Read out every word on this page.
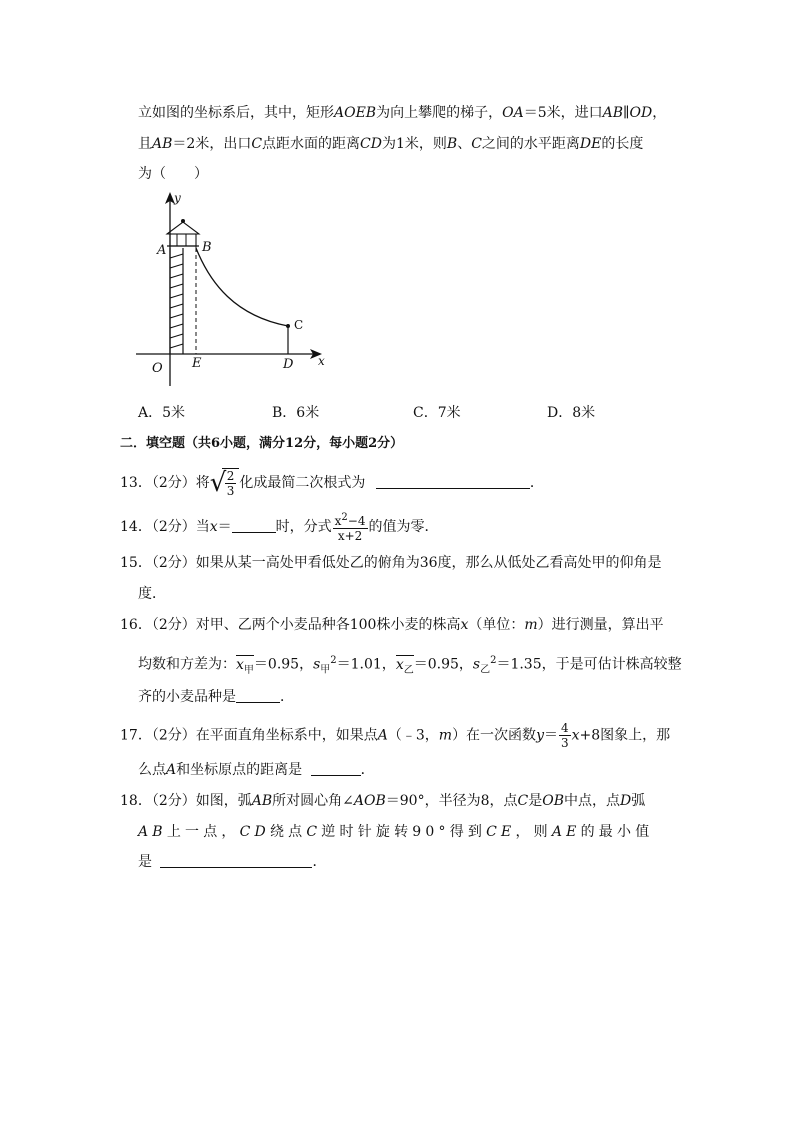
立如图的坐标系后，其中，矩形AOEB为向上攀爬的梯子，OA＝5米，进口AB∥OD，
且AB＝2米，出口C点距水面的距离CD为1米，则B、C之间的水平距离DE的长度
为（　　）
y
A	B
C
O E	D x
A．5米	B．6米	C．7米	D．8米
二．填空题（共6小题，满分12分，每小题2分）
13．（2分）将 √
$\frac{2}{3}$ 化成最简二次根式为	．
14．（2分）当x＝	时，分式 $\frac{x^2-4}{x+2}$ 的值为零．
15．（2分）如果从某一高处甲看低处乙的俯角为36度，那么从低处乙看高处甲的仰角是
度．
16．（2分）对甲、乙两个小麦品种各100株小麦的株高x（单位：m）进行测量，算出平
均数和方差为：$x_甲=0.95$，$s_甲^2=1.01$，$x_乙=0.95$，$s_乙^2=1.35$，于是可估计株高较整
齐的小麦品种是	．
17．（2分）在平面直角坐标系中，如果点A（﹣3，m）在一次函数$y= \frac{4}{3} x+8$图象上，那
么点A和坐标原点的距离是	．
18．（2分）如图，弧AB所对圆心角∠AOB＝90°，半径为8，点C是OB中点，点D弧
AB上一点，CD绕点C逆时针旋转90°得到CE，则AE的最小值
是	．
